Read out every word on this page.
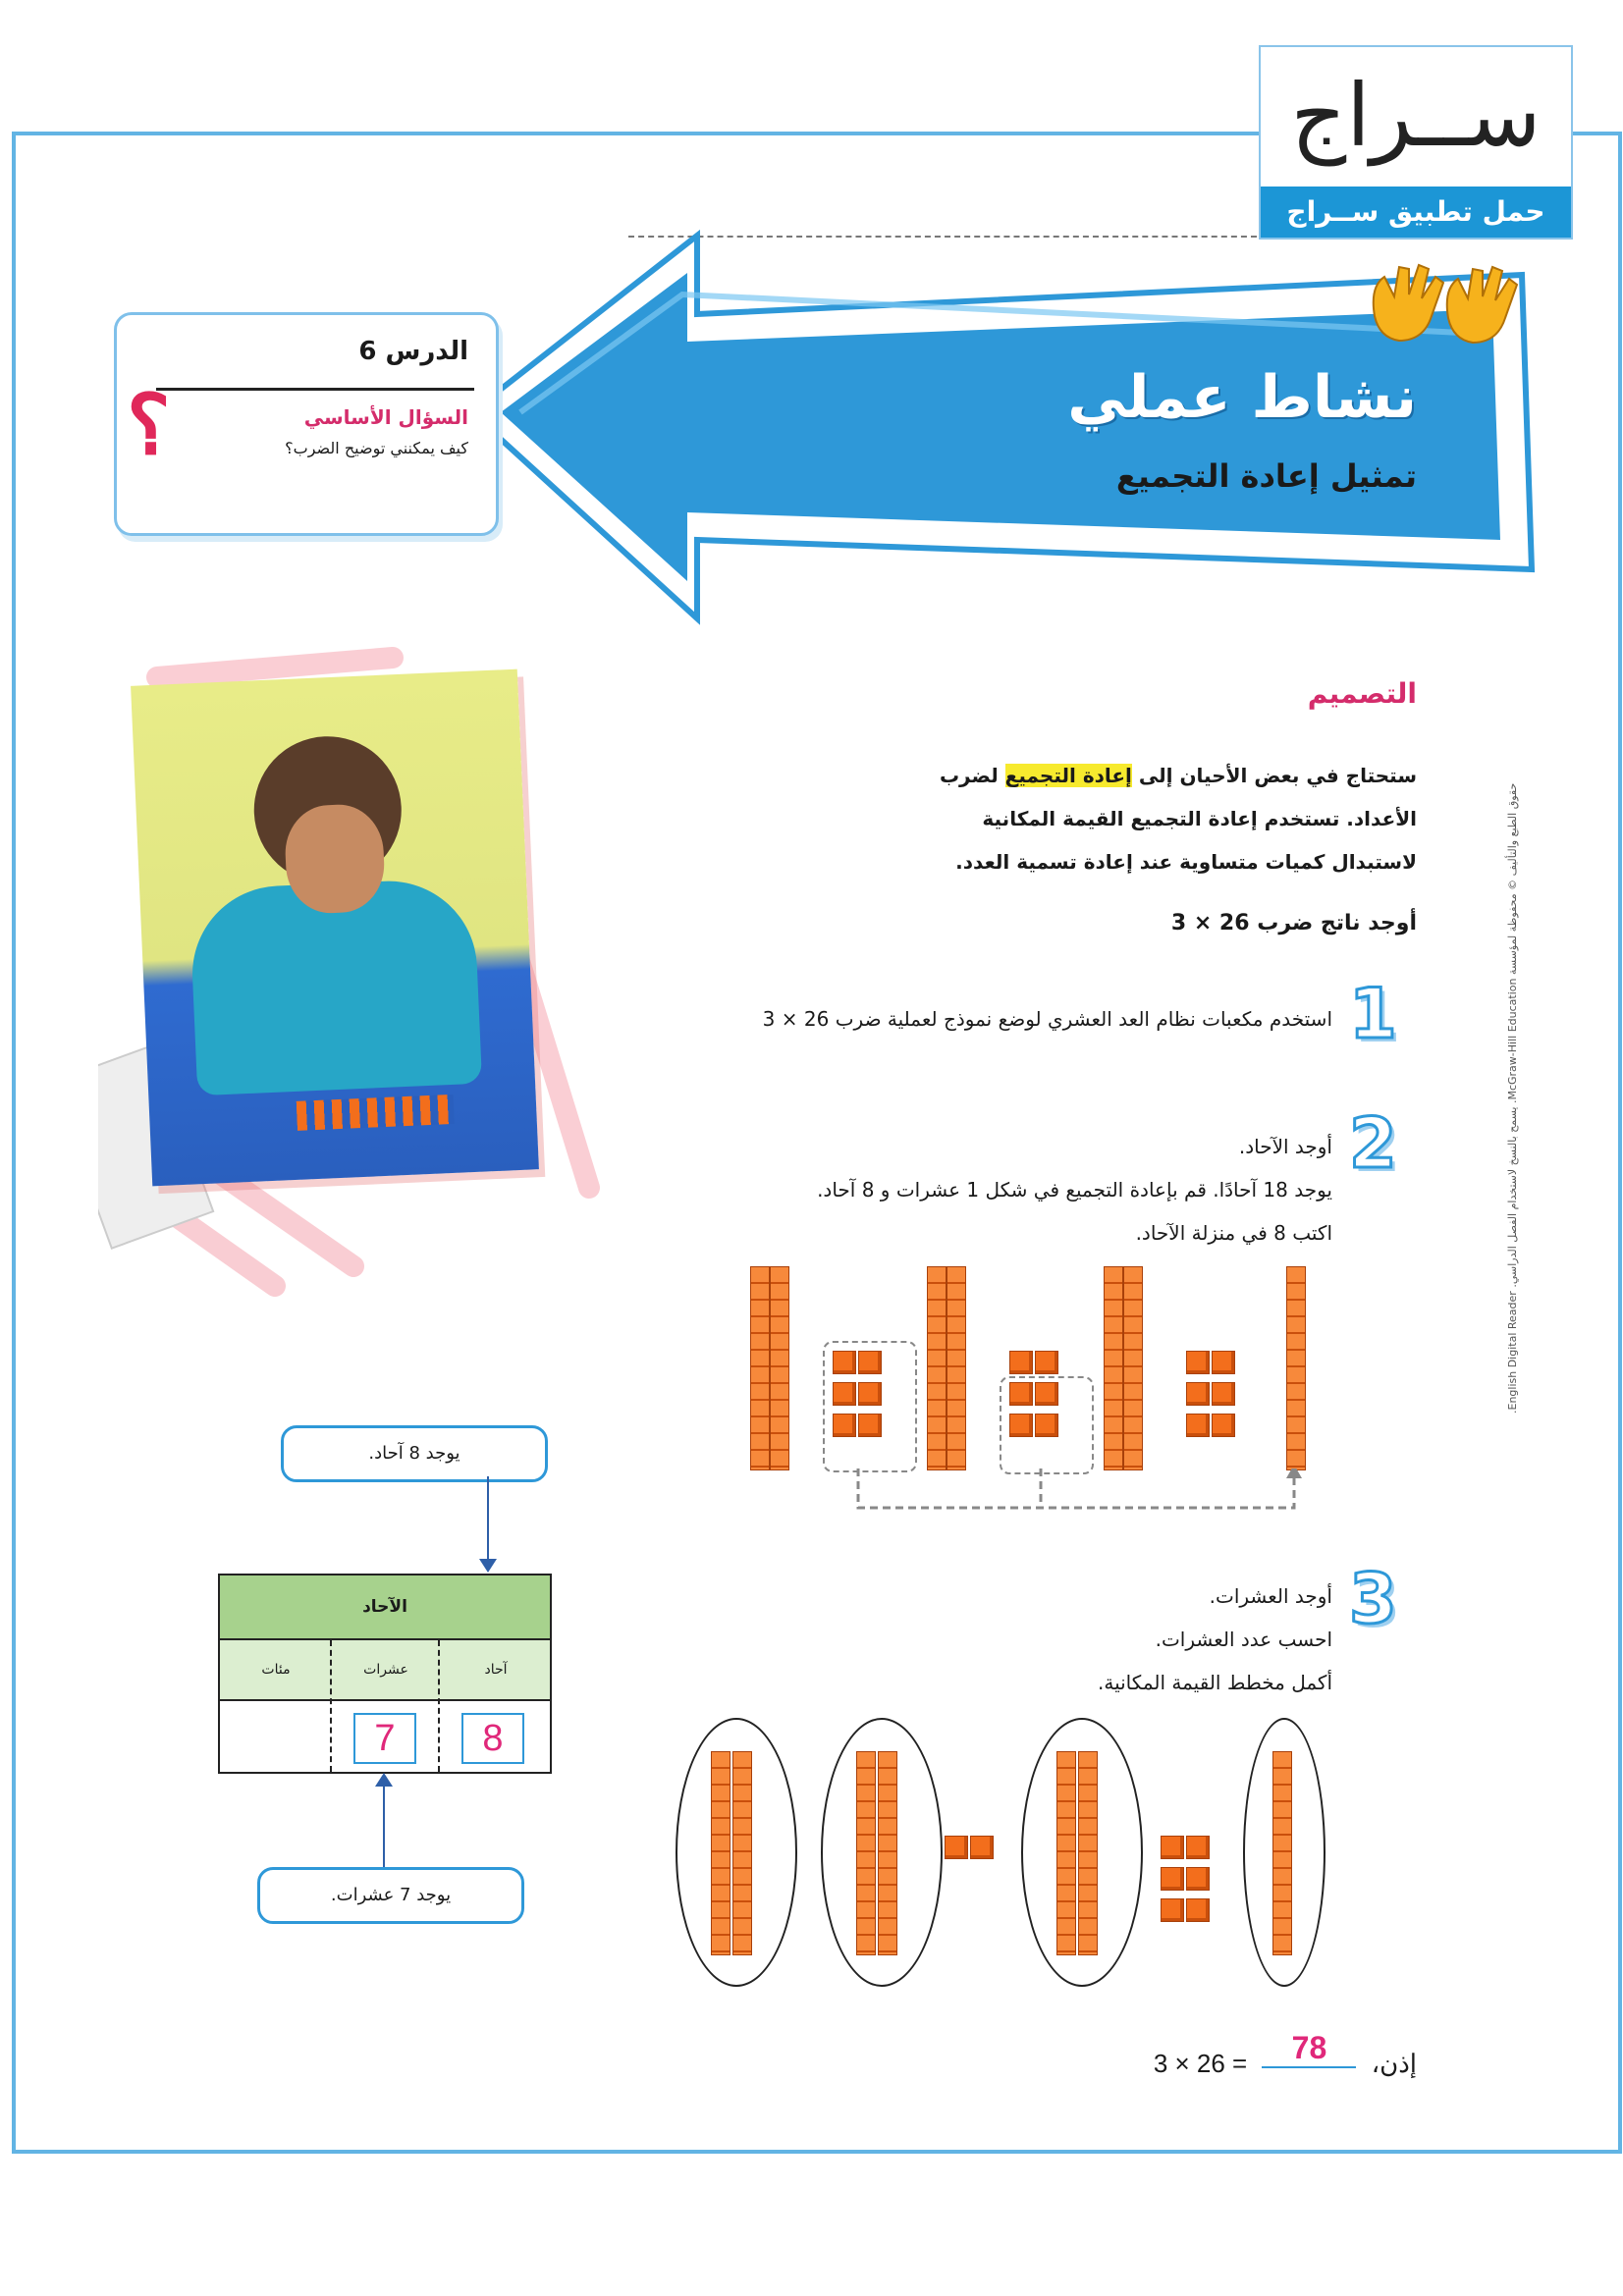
ســراج
حمل تطبيق ســراج
نشاط عملي
تمثيل إعادة التجميع
الدرس 6
السؤال الأساسي
كيف يمكنني توضيح الضرب؟
؟
التصميم
ستحتاج في بعض الأحيان إلى إعادة التجميع لضرب
الأعداد. تستخدم إعادة التجميع القيمة المكانية
لاستبدال كميات متساوية عند إعادة تسمية العدد.
أوجد ناتج ضرب 26 × 3
1
استخدم مكعبات نظام العد العشري لوضع نموذج لعملية ضرب 26 × 3
2
أوجد الآحاد.
يوجد 18 آحادًا. قم بإعادة التجميع في شكل 1 عشرات و 8 آحاد.
اكتب 8 في منزلة الآحاد.
3
أوجد العشرات.
احسب عدد العشرات.
أكمل مخطط القيمة المكانية.
يوجد 8 آحاد.
الآحاد
آحاد
عشرات
مئات
8
7
يوجد 7 عشرات.
إذن، 78 3 × 26 =
حقوق الطبع والتأليف © محفوظة لمؤسسة McGraw-Hill Education. يسمح بالنسخ لاستخدام الفصل الدراسي. English Digital Reader.
